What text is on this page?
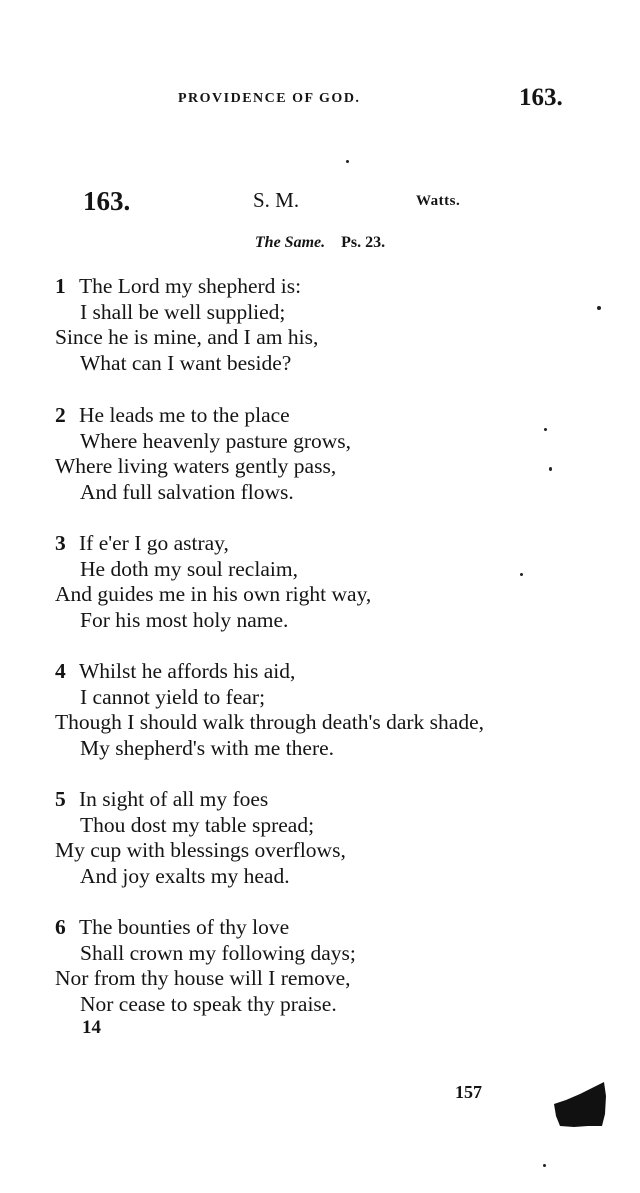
PROVIDENCE OF GOD.	163.
163.	S. M.	Watts.
The Same. Ps. 23.
1 The Lord my shepherd is:
I shall be well supplied;
Since he is mine, and I am his,
What can I want beside?
2 He leads me to the place
Where heavenly pasture grows,
Where living waters gently pass,
And full salvation flows.
3 If e'er I go astray,
He doth my soul reclaim,
And guides me in his own right way,
For his most holy name.
4 Whilst he affords his aid,
I cannot yield to fear;
Though I should walk through death's dark shade,
My shepherd's with me there.
5 In sight of all my foes
Thou dost my table spread;
My cup with blessings overflows,
And joy exalts my head.
6 The bounties of thy love
Shall crown my following days;
Nor from thy house will I remove,
Nor cease to speak thy praise.
14
157
